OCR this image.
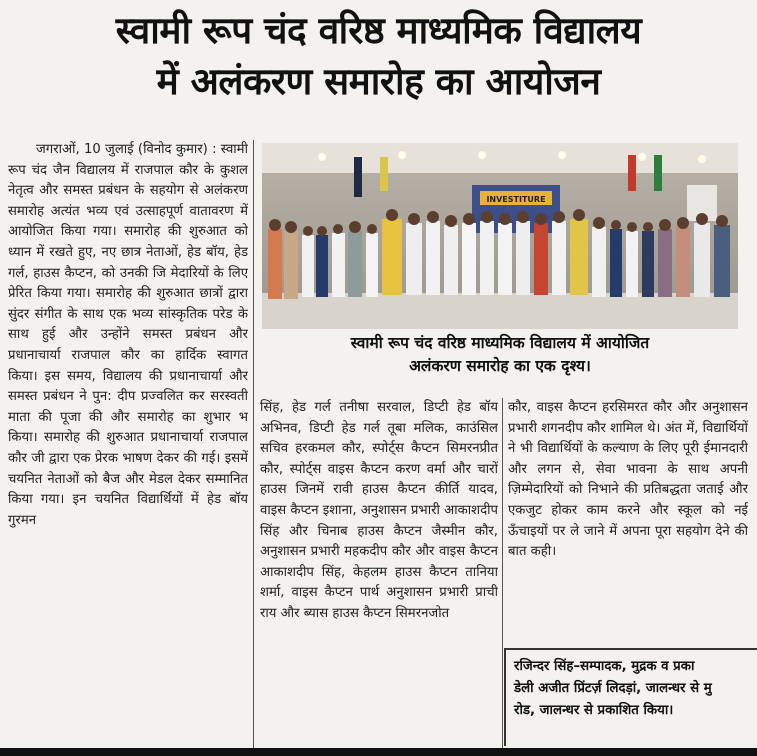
स्वामी रूप चंद वरिष्ठ माध्यमिक विद्यालय
में अलंकरण समारोह का आयोजन

जगराओं, 10 जुलाई (विनोद कुमार) : स्वामी रूप चंद जैन विद्यालय में राजपाल कौर के कुशल नेतृत्व और समस्त प्रबंधन के सहयोग से अलंकरण समारोह अत्यंत भव्य एवं उत्साहपूर्ण वातावरण में आयोजित किया गया। समारोह की शुरुआत को ध्यान में रखते हुए, नए छात्र नेताओं, हेड बॉय, हेड गर्ल, हाउस कैप्टन, को उनकी जि मेदारियों के लिए प्रेरित किया गया। समारोह की शुरुआत छात्रों द्वारा सुंदर संगीत के साथ एक भव्य सांस्कृतिक परेड के साथ हुई और उन्होंने समस्त प्रबंधन और प्रधानाचार्या राजपाल कौर का हार्दिक स्वागत किया। इस समय, विद्यालय की प्रधानाचार्या और समस्त प्रबंधन ने पुन: दीप प्रज्वलित कर सरस्वती माता की पूजा की और समारोह का शुभार भ किया। समारोह की शुरुआत प्रधानाचार्या राजपाल कौर जी द्वारा एक प्रेरक भाषण देकर की गई। इसमें चयनित नेताओं को बैज और मेडल देकर सम्मानित किया गया। इन चयनित विद्यार्थियों में हेड बॉय गुरमन

INVESTITURE
स्वामी रूप चंद वरिष्ठ माध्यमिक विद्यालय में आयोजित
अलंकरण समारोह का एक दृश्य।

सिंह, हेड गर्ल तनीषा सरवाल, डिप्टी हेड बॉय अभिनव, डिप्टी हेड गर्ल तूबा मलिक, काउंसिल सचिव हरकमल कौर, स्पोर्ट्स कैप्टन सिमरनप्रीत कौर, स्पोर्ट्स वाइस कैप्टन करण वर्मा और चारों हाउस जिनमें रावी हाउस कैप्टन कीर्ति यादव, वाइस कैप्टन इशाना, अनुशासन प्रभारी आकाशदीप सिंह और चिनाब हाउस कैप्टन जैस्मीन कौर, अनुशासन प्रभारी महकदीप कौर और वाइस कैप्टन आकाशदीप सिंह, केहलम हाउस कैप्टन तानिया शर्मा, वाइस कैप्टन पार्थ अनुशासन प्रभारी प्राची राय और ब्यास हाउस कैप्टन सिमरनजोत

कौर, वाइस कैप्टन हरसिमरत कौर और अनुशासन प्रभारी शगनदीप कौर शामिल थे। अंत में, विद्यार्थियों ने भी विद्यार्थियों के कल्याण के लिए पूरी ईमानदारी और लगन से, सेवा भावना के साथ अपनी ज़िम्मेदारियों को निभाने की प्रतिबद्धता जताई और एकजुट होकर काम करने और स्कूल को नई ऊँचाइयों पर ले जाने में अपना पूरा सहयोग देने की बात कही।

रजिन्दर सिंह–सम्पादक, मुद्रक व प्रका
डेली अजीत प्रिंटर्ज़ लिदड़ां, जालन्धर से मु
रोड, जालन्धर से प्रकाशित किया।
